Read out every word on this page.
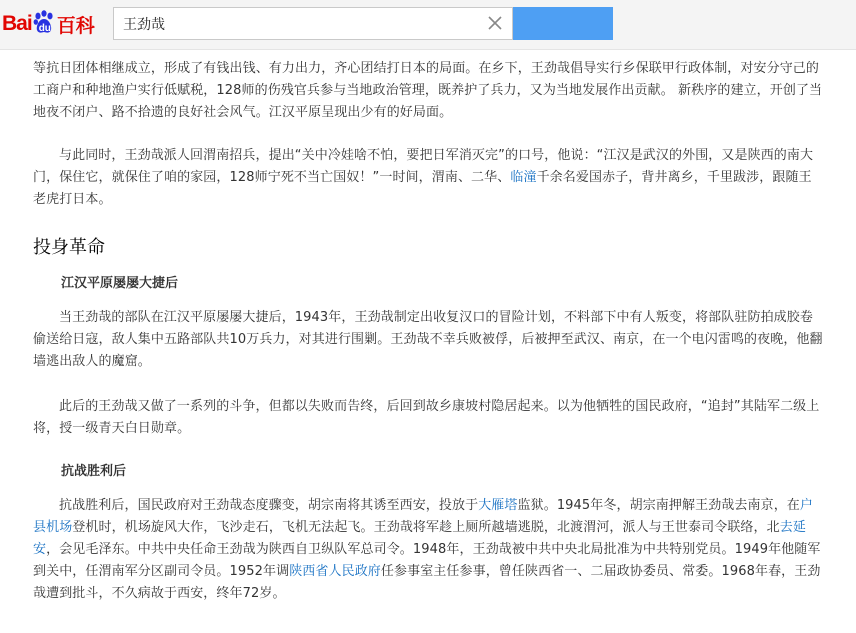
Bai 百科
王劲哉

等抗日团体相继成立，形成了有钱出钱、有力出力，齐心团结打日本的局面。在乡下，王劲哉倡导实行乡保联甲行政体制，对安分守己的工商户和种地渔户实行低赋税，128师的伤残官兵参与当地政治管理，既养护了兵力，又为当地发展作出贡献。 新秩序的建立，开创了当地夜不闭户、路不拾遗的良好社会风气。江汉平原呈现出少有的好局面。

与此同时，王劲哉派人回渭南招兵，提出“关中冷娃啥不怕，要把日军消灭完”的口号，他说：“江汉是武汉的外围，又是陕西的南大门，保住它，就保住了咱的家园，128师宁死不当亡国奴！”一时间，渭南、二华、临潼千余名爱国赤子，背井离乡，千里跋涉，跟随王老虎打日本。

投身革命
江汉平原屡屡大捷后

当王劲哉的部队在江汉平原屡屡大捷后，1943年，王劲哉制定出收复汉口的冒险计划，不料部下中有人叛变，将部队驻防拍成胶卷偷送给日寇，敌人集中五路部队共10万兵力，对其进行围剿。王劲哉不幸兵败被俘，后被押至武汉、南京，在一个电闪雷鸣的夜晚，他翻墙逃出敌人的魔窟。

此后的王劲哉又做了一系列的斗争，但都以失败而告终，后回到故乡康坡村隐居起来。以为他牺牲的国民政府，“追封”其陆军二级上将，授一级青天白日勋章。

抗战胜利后

抗战胜利后，国民政府对王劲哉态度骤变，胡宗南将其诱至西安，投放于大雁塔监狱。1945年冬，胡宗南押解王劲哉去南京，在户县机场登机时，机场旋风大作，飞沙走石，飞机无法起飞。王劲哉将军趁上厕所越墙逃脱，北渡渭河，派人与王世泰司令联络，北去延安，会见毛泽东。中共中央任命王劲哉为陕西自卫纵队军总司令。1948年，王劲哉被中共中央北局批准为中共特别党员。1949年他随军到关中，任渭南军分区副司令员。1952年调陕西省人民政府任参事室主任参事，曾任陕西省一、二届政协委员、常委。1968年春，王劲哉遭到批斗，不久病故于西安，终年72岁。
